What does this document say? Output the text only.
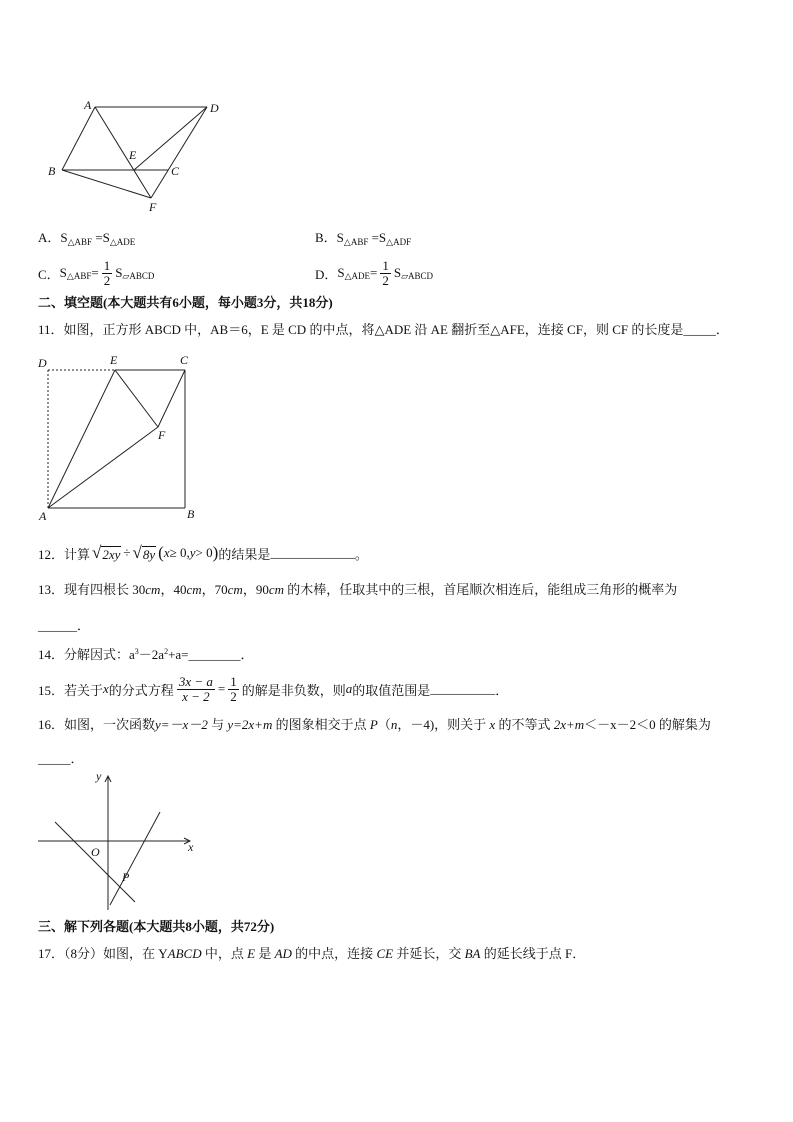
A	D
B	C
E
F
A．$S_{\triangle ABF} =S_{\triangle ADE}$	B．$S_{\triangle ABF} =S_{\triangle ADF}$
C． S △ABF = $\frac{1}{2}$ S ▱ABCD	D． S △ADE = $\frac{1}{2}$ S ▱ABCD
二、填空题(本大题共有6小题，每小题3分，共18分)
11．如图，正方形 ABCD 中，AB＝6，E 是 CD 的中点，将△ADE 沿 AE 翻折至△AFE，连接 CF，则 CF 的长度是_____．
D	E	C
F
A	B
12．计算 √ 2xy ÷ √ 8y ( x ≥ 0, y > 0 ) 的结果是 _____________ 。
13．现有四根长 30cm，40cm，70cm，90cm 的木棒，任取其中的三根，首尾顺次相连后，能组成三角形的概率为
______．
14．分解因式：$a^3-2a^2+a=\_\_\_\_\_\_\_\_$．
15．若关于 x 的分式方程 $\frac{3x - a}{x - 2} = \frac{1}{2}$ 的解是非负数，则 a 的取值范围是 __________ ．
16．如图，一次函数y=－x－2 与 y=2x+m 的图象相交于点 P（n，－4)，则关于 x 的不等式 2x+m＜－x－2＜0 的解集为
_____．
x
y
O
P
三、解下列各题(本大题共8小题，共72分)
17．（8分）如图，在 YABCD 中，点 E 是 AD 的中点，连接 CE 并延长，交 BA 的延长线于点 F．
